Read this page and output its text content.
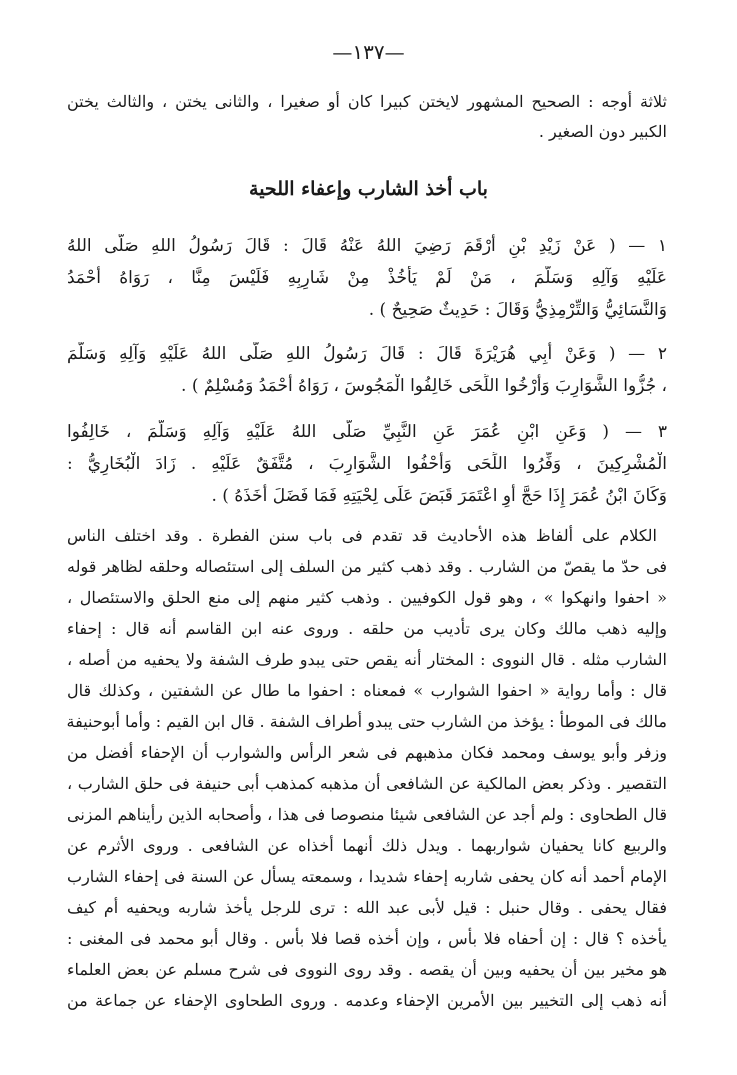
—١٣٧—
ثلاثة أوجه : الصحيح المشهور لايختن كبيرا كان أو صغيرا ، والثانى يختن ، والثالث يختن
الكبير دون الصغير .
باب أخذ الشارب وإعفاء اللحية
١ — ( عَنْ زَيْدِ بْنِ أَرْقَمَ رَضِيَ اللهُ عَنْهُ قَالَ : قَالَ رَسُولُ اللهِ صَلَّى اللهُ
عَلَيْهِ وَآلِهِ وَسَلَّمَ ، مَنْ لَمْ يَأْخُذْ مِنْ شَارِبِهِ فَلَيْسَ مِنَّا ، رَوَاهُ أَحْمَدُ
وَالنَّسَائِيُّ وَالتِّرْمِذِيُّ وَقَالَ : حَدِيثٌ صَحِيحٌ ) .
٢ — ( وَعَنْ أَبِي هُرَيْرَةَ قَالَ : قَالَ رَسُولُ اللهِ صَلَّى اللهُ عَلَيْهِ وَآلِهِ وَسَلَّمَ
، جُزُّوا الشَّوَارِبَ وَأَرْخُوا اللِّحَى خَالِفُوا الْمَجُوسَ ، رَوَاهُ أَحْمَدُ وَمُسْلِمٌ ) .
٣ — ( وَعَنِ ابْنِ عُمَرَ عَنِ النَّبِيِّ صَلَّى اللهُ عَلَيْهِ وَآلِهِ وَسَلَّمَ ، خَالِفُوا
الْمُشْرِكِينَ ، وَفِّرُوا اللِّحَى وَأَحْفُوا الشَّوَارِبَ ، مُتَّفَقٌ عَلَيْهِ . زَادَ الْبُخَارِيُّ :
وَكَانَ ابْنُ عُمَرَ إِذَا حَجَّ أَوِ اعْتَمَرَ قَبَضَ عَلَى لِحْيَتِهِ فَمَا فَضَلَ أَخَذَهُ ) .
الكلام على ألفاظ هذه الأحاديث قد تقدم فى باب سنن الفطرة . وقد اختلف الناس
فى حدّ ما يقصّ من الشارب . وقد ذهب كثير من السلف إلى استئصاله وحلقه لظاهر قوله
« احفوا وانهكوا » ، وهو قول الكوفيين . وذهب كثير منهم إلى منع الحلق والاستئصال ،
وإليه ذهب مالك وكان يرى تأديب من حلقه . وروى عنه ابن القاسم أنه قال : إحفاء
الشارب مثله . قال النووى : المختار أنه يقص حتى يبدو طرف الشفة ولا يحفيه من أصله ،
قال : وأما رواية « احفوا الشوارب » فمعناه : احفوا ما طال عن الشفتين ، وكذلك قال
مالك فى الموطأ : يؤخذ من الشارب حتى يبدو أطراف الشفة . قال ابن القيم : وأما أبوحنيفة
وزفر وأبو يوسف ومحمد فكان مذهبهم فى شعر الرأس والشوارب أن الإحفاء أفضل من
التقصير . وذكر بعض المالكية عن الشافعى أن مذهبه كمذهب أبى حنيفة فى حلق الشارب ،
قال الطحاوى : ولم أجد عن الشافعى شيئا منصوصا فى هذا ، وأصحابه الذين رأيناهم المزنى
والربيع كانا يحفيان شواربهما . ويدل ذلك أنهما أخذاه عن الشافعى . وروى الأثرم عن
الإمام أحمد أنه كان يحفى شاربه إحفاء شديدا ، وسمعته يسأل عن السنة فى إحفاء الشارب
فقال يحفى . وقال حنبل : قيل لأبى عبد الله : ترى للرجل يأخذ شاربه ويحفيه أم كيف
يأخذه ؟ قال : إن أحفاه فلا بأس ، وإن أخذه قصا فلا بأس . وقال أبو محمد فى المغنى :
هو مخير بين أن يحفيه وبين أن يقصه . وقد روى النووى فى شرح مسلم عن بعض العلماء
أنه ذهب إلى التخيير بين الأمرين الإحفاء وعدمه . وروى الطحاوى الإحفاء عن جماعة من
